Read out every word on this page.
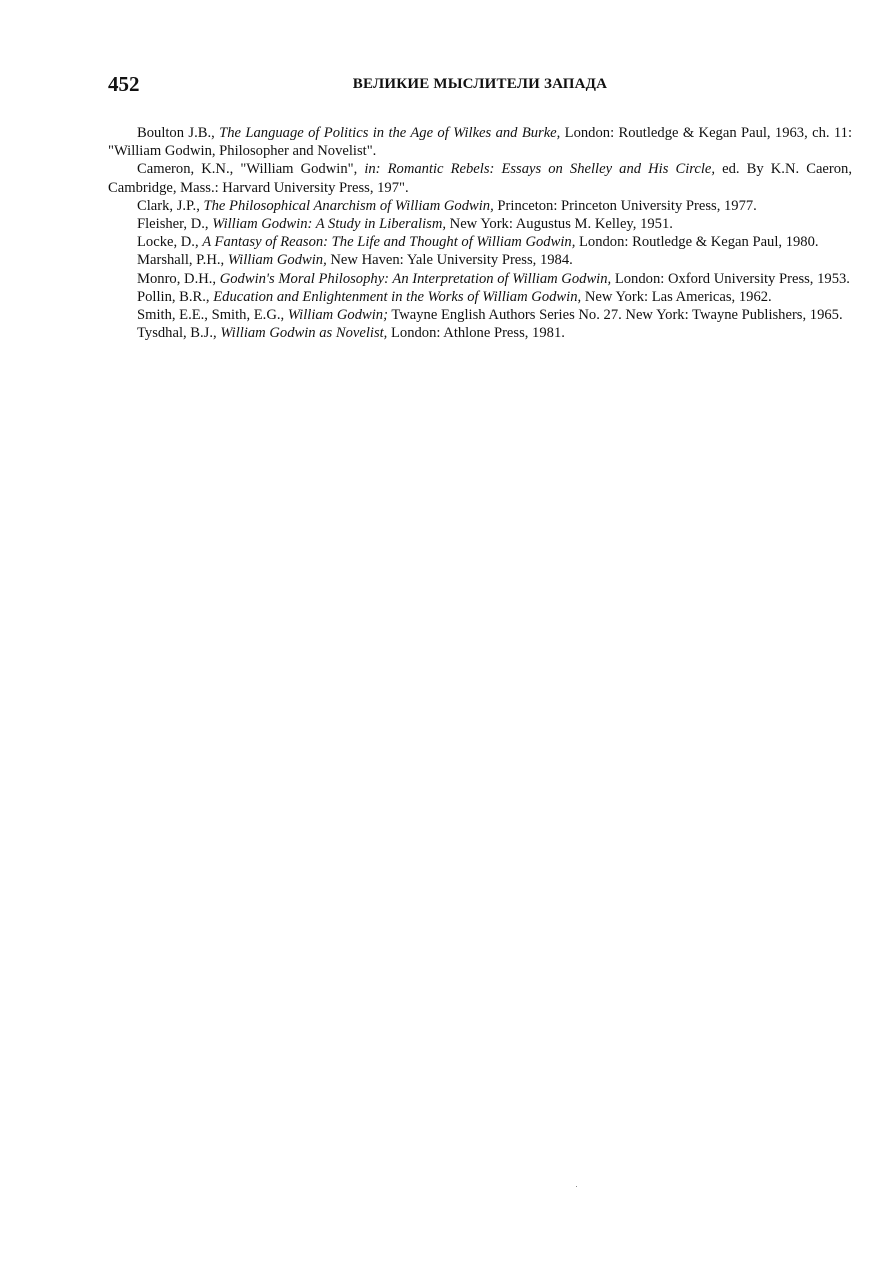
452	ВЕЛИКИЕ МЫСЛИТЕЛИ ЗАПАДА

Boulton J.B., The Language of Politics in the Age of Wilkes and Burke, London: Routledge & Kegan Paul, 1963, ch. 11: "William Godwin, Philosopher and Novelist".

Cameron, K.N., "William Godwin", in: Romantic Rebels: Essays on Shelley and His Circle, ed. By K.N. Caeron, Cambridge, Mass.: Harvard University Press, 197".

Clark, J.P., The Philosophical Anarchism of William Godwin, Princeton: Princeton University Press, 1977.

Fleisher, D., William Godwin: A Study in Liberalism, New York: Augustus M. Kelley, 1951.

Locke, D., A Fantasy of Reason: The Life and Thought of William Godwin, London: Routledge & Kegan Paul, 1980.

Marshall, P.H., William Godwin, New Haven: Yale University Press, 1984.

Monro, D.H., Godwin's Moral Philosophy: An Interpretation of William Godwin, London: Oxford University Press, 1953.

Pollin, B.R., Education and Enlightenment in the Works of William Godwin, New York: Las Americas, 1962.

Smith, E.E., Smith, E.G., William Godwin; Twayne English Authors Series No. 27. New York: Twayne Publishers, 1965.

Tysdhal, B.J., William Godwin as Novelist, London: Athlone Press, 1981.
